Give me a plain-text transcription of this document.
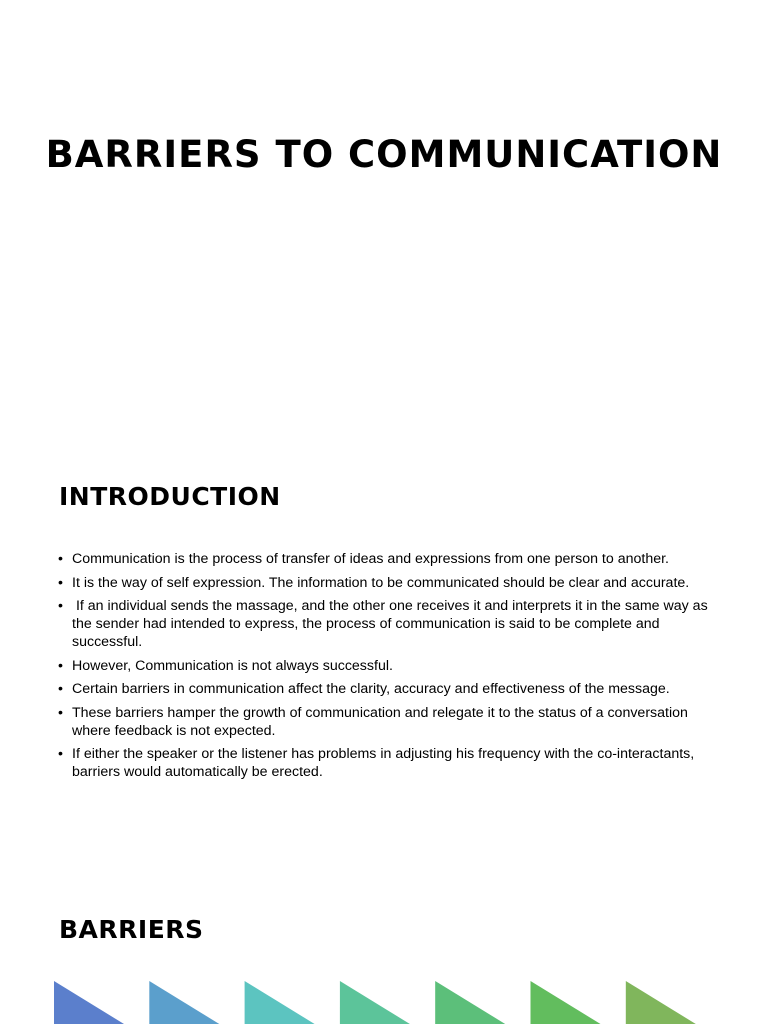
BARRIERS TO COMMUNICATION
INTRODUCTION
• Communication is the process of transfer of ideas and expressions from one person to another.
• It is the way of self expression. The information to be communicated should be clear and accurate.
• If an individual sends the massage, and the other one receives it and interprets it in the same way as the sender had intended to express, the process of communication is said to be complete and successful.
• However, Communication is not always successful.
• Certain barriers in communication affect the clarity, accuracy and effectiveness of the message.
• These barriers hamper the growth of communication and relegate it to the status of a conversation where feedback is not expected.
• If either the speaker or the listener has problems in adjusting his frequency with the co-interactants, barriers would automatically be erected.
BARRIERS
